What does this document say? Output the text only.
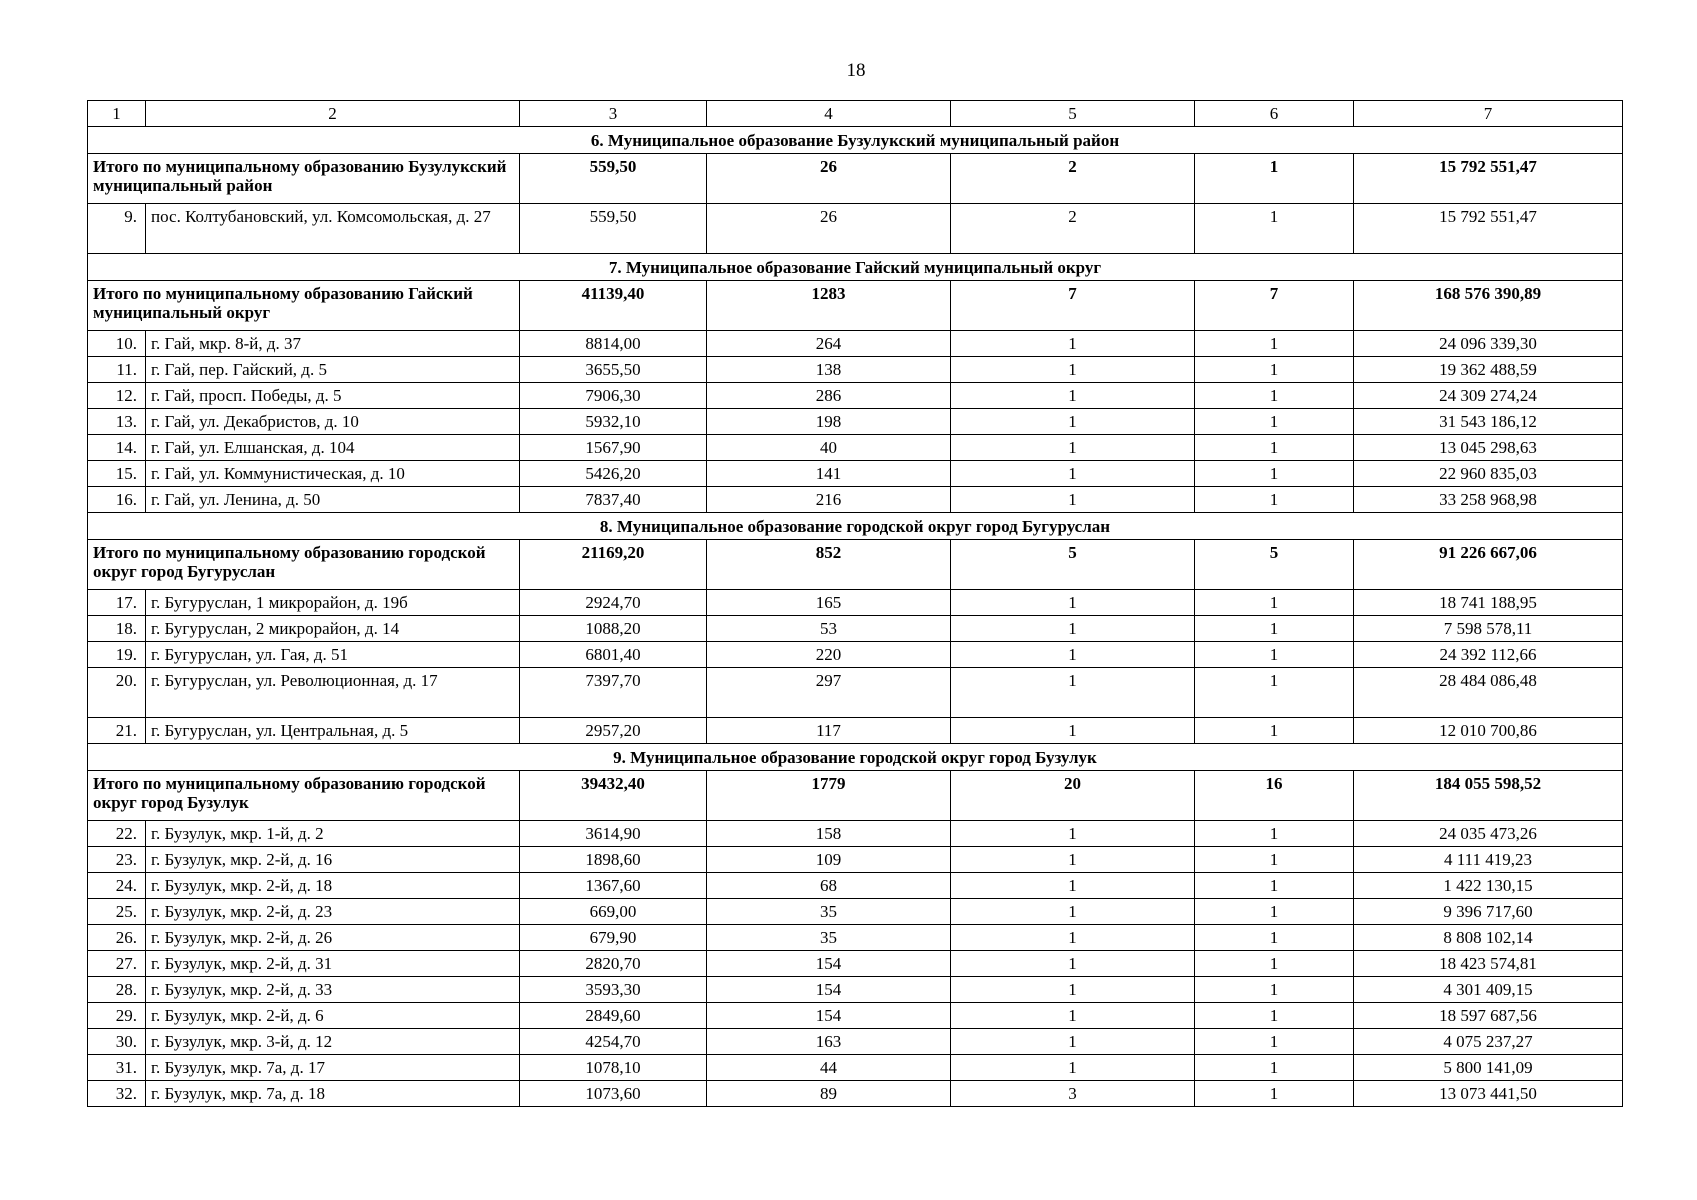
18
1	2	3	4	5	6	7
6. Муниципальное образование Бузулукский муниципальный район						
Итого по муниципальному образованию Бузулукский муниципальный район		559,50	26	2	1	15 792 551,47
9.	пос. Колтубановский, ул. Комсомольская, д. 27	559,50	26	2	1	15 792 551,47
7. Муниципальное образование Гайский муниципальный округ						
Итого по муниципальному образованию Гайский муниципальный округ		41139,40	1283	7	7	168 576 390,89
10.	г. Гай, мкр. 8-й, д. 37	8814,00	264	1	1	24 096 339,30
11.	г. Гай, пер. Гайский, д. 5	3655,50	138	1	1	19 362 488,59
12.	г. Гай, просп. Победы, д. 5	7906,30	286	1	1	24 309 274,24
13.	г. Гай, ул. Декабристов, д. 10	5932,10	198	1	1	31 543 186,12
14.	г. Гай, ул. Елшанская, д. 104	1567,90	40	1	1	13 045 298,63
15.	г. Гай, ул. Коммунистическая, д. 10	5426,20	141	1	1	22 960 835,03
16.	г. Гай, ул. Ленина, д. 50	7837,40	216	1	1	33 258 968,98
8. Муниципальное образование городской округ город Бугуруслан						
Итого по муниципальному образованию городской округ город Бугуруслан		21169,20	852	5	5	91 226 667,06
17.	г. Бугуруслан, 1 микрорайон, д. 19б	2924,70	165	1	1	18 741 188,95
18.	г. Бугуруслан, 2 микрорайон, д. 14	1088,20	53	1	1	7 598 578,11
19.	г. Бугуруслан, ул. Гая, д. 51	6801,40	220	1	1	24 392 112,66
20.	г. Бугуруслан, ул. Революционная, д. 17	7397,70	297	1	1	28 484 086,48
21.	г. Бугуруслан, ул. Центральная, д. 5	2957,20	117	1	1	12 010 700,86
9. Муниципальное образование городской округ город Бузулук						
Итого по муниципальному образованию городской округ город Бузулук		39432,40	1779	20	16	184 055 598,52
22.	г. Бузулук, мкр. 1-й, д. 2	3614,90	158	1	1	24 035 473,26
23.	г. Бузулук, мкр. 2-й, д. 16	1898,60	109	1	1	4 111 419,23
24.	г. Бузулук, мкр. 2-й, д. 18	1367,60	68	1	1	1 422 130,15
25.	г. Бузулук, мкр. 2-й, д. 23	669,00	35	1	1	9 396 717,60
26.	г. Бузулук, мкр. 2-й, д. 26	679,90	35	1	1	8 808 102,14
27.	г. Бузулук, мкр. 2-й, д. 31	2820,70	154	1	1	18 423 574,81
28.	г. Бузулук, мкр. 2-й, д. 33	3593,30	154	1	1	4 301 409,15
29.	г. Бузулук, мкр. 2-й, д. 6	2849,60	154	1	1	18 597 687,56
30.	г. Бузулук, мкр. 3-й, д. 12	4254,70	163	1	1	4 075 237,27
31.	г. Бузулук, мкр. 7а, д. 17	1078,10	44	1	1	5 800 141,09
32.	г. Бузулук, мкр. 7а, д. 18	1073,60	89	3	1	13 073 441,50
